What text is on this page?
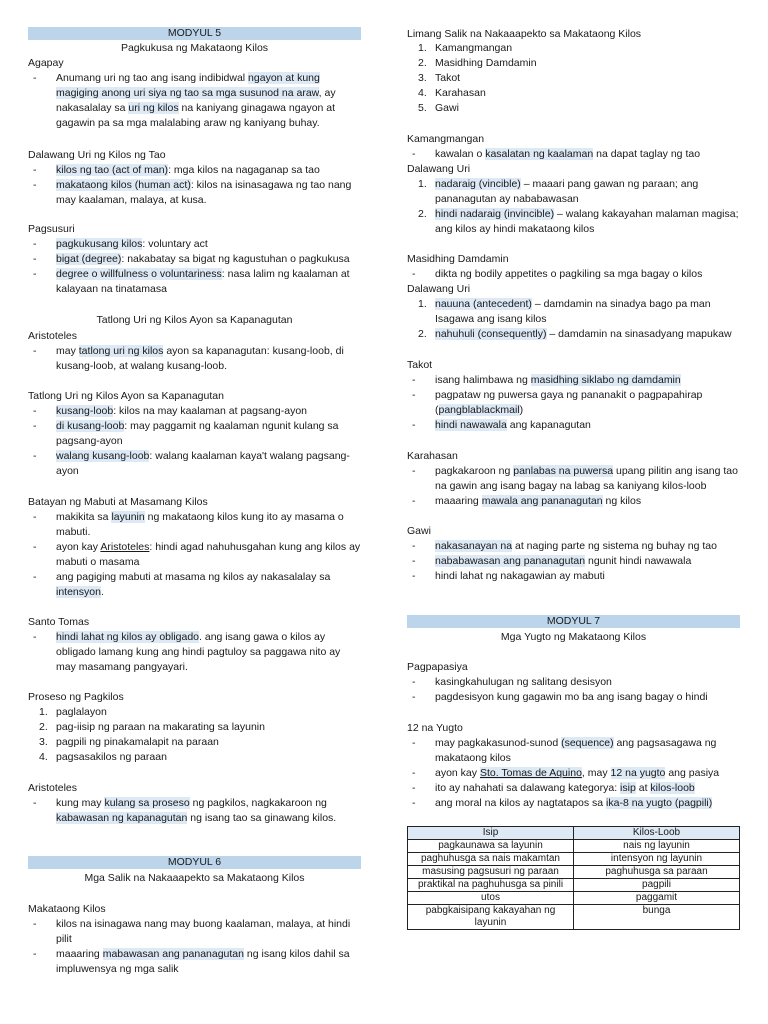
MODYUL 5
Pagkukusa ng Makataong Kilos
Agapay
- Anumang uri ng tao ang isang indibidwal ngayon at kung magiging anong uri siya ng tao sa mga susunod na araw, ay nakasalalay sa uri ng kilos na kaniyang ginagawa ngayon at gagawin pa sa mga malalabing araw ng kaniyang buhay.
Dalawang Uri ng Kilos ng Tao
- kilos ng tao (act of man): mga kilos na nagaganap sa tao
- makataong kilos (human act): kilos na isinasagawa ng tao nang may kaalaman, malaya, at kusa.
Pagsusuri
- pagkukusang kilos: voluntary act
- bigat (degree): nakabatay sa bigat ng kagustuhan o pagkukusa
- degree o willfulness o voluntariness: nasa lalim ng kaalaman at kalayaan na tinatamasa
Tatlong Uri ng Kilos Ayon sa Kapanagutan
Aristoteles
- may tatlong uri ng kilos ayon sa kapanagutan: kusang-loob, di kusang-loob, at walang kusang-loob.
Tatlong Uri ng Kilos Ayon sa Kapanagutan
- kusang-loob: kilos na may kaalaman at pagsang-ayon
- di kusang-loob: may paggamit ng kaalaman ngunit kulang sa pagsang-ayon
- walang kusang-loob: walang kaalaman kaya't walang pagsang-ayon
Batayan ng Mabuti at Masamang Kilos
- makikita sa layunin ng makataong kilos kung ito ay masama o mabuti.
- ayon kay Aristoteles: hindi agad nahuhusgahan kung ang kilos ay mabuti o masama
- ang pagiging mabuti at masama ng kilos ay nakasalalay sa intensyon.
Santo Tomas
- hindi lahat ng kilos ay obligado. ang isang gawa o kilos ay obligado lamang kung ang hindi pagtuloy sa paggawa nito ay may masamang pangyayari.
Proseso ng Pagkilos
1. paglalayon
2. pag-iisip ng paraan na makarating sa layunin
3. pagpili ng pinakamalapit na paraan
4. pagsasakilos ng paraan
Aristoteles
- kung may kulang sa proseso ng pagkilos, nagkakaroon ng kabawasan ng kapanagutan ng isang tao sa ginawang kilos.
MODYUL 6
Mga Salik na Nakaaapekto sa Makataong Kilos
Makataong Kilos
- kilos na isinagawa nang may buong kaalaman, malaya, at hindi pilit
- maaaring mabawasan ang pananagutan ng isang kilos dahil sa impluwensya ng mga salik
Limang Salik na Nakaaapekto sa Makataong Kilos
1. Kamangmangan
2. Masidhing Damdamin
3. Takot
4. Karahasan
5. Gawi
Kamangmangan
- kawalan o kasalatan ng kaalaman na dapat taglay ng tao
Dalawang Uri
1. nadaraig (vincible) – maaari pang gawan ng paraan; ang pananagutan ay nababawasan
2. hindi nadaraig (invincible) – walang kakayahan malaman magisa; ang kilos ay hindi makataong kilos
Masidhing Damdamin
- dikta ng bodily appetites o pagkiling sa mga bagay o kilos
Dalawang Uri
1. nauuna (antecedent) – damdamin na sinadya bago pa man Isagawa ang isang kilos
2. nahuhuli (consequently) – damdamin na sinasadyang mapukaw
Takot
- isang halimbawa ng masidhing siklabo ng damdamin
- pagpataw ng puwersa gaya ng pananakit o pagpapahirap (pangblablackmail)
- hindi nawawala ang kapanagutan
Karahasan
- pagkakaroon ng panlabas na puwersa upang pilitin ang isang tao na gawin ang isang bagay na labag sa kaniyang kilos-loob
- maaaring mawala ang pananagutan ng kilos
Gawi
- nakasanayan na at naging parte ng sistema ng buhay ng tao
- nababawasan ang pananagutan ngunit hindi nawawala
- hindi lahat ng nakagawian ay mabuti
MODYUL 7
Mga Yugto ng Makataong Kilos
Pagpapasiya
- kasingkahulugan ng salitang desisyon
- pagdesisyon kung gagawin mo ba ang isang bagay o hindi
12 na Yugto
- may pagkakasunod-sunod (sequence) ang pagsasagawa ng makataong kilos
- ayon kay Sto. Tomas de Aquino, may 12 na yugto ang pasiya
- ito ay nahahati sa dalawang kategorya: isip at kilos-loob
- ang moral na kilos ay nagtatapos sa ika-8 na yugto (pagpili)
Isip	Kilos-Loob
pagkaunawa sa layunin	nais ng layunin
paghuhusga sa nais makamtan	intensyon ng layunin
masusing pagsusuri ng paraan	paghuhusga sa paraan
praktikal na paghuhusga sa pinili	pagpili
utos	paggamit
pabgkaisipang kakayahan ng layunin	bunga
